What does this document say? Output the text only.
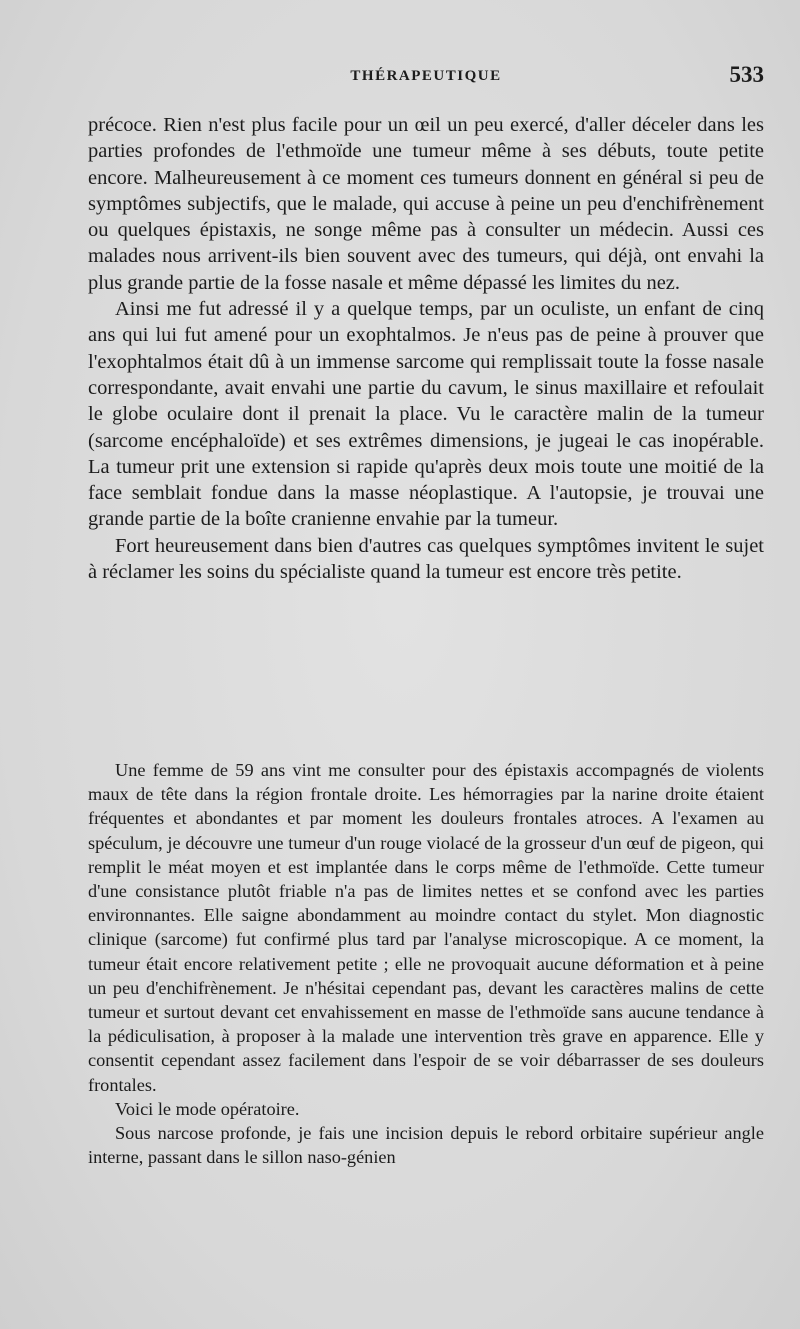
THÉRAPEUTIQUE	533

précoce. Rien n'est plus facile pour un œil un peu exercé, d'aller déceler dans les parties profondes de l'ethmoïde une tumeur même à ses débuts, toute petite encore. Malheureusement à ce moment ces tumeurs donnent en général si peu de symptômes subjectifs, que le malade, qui accuse à peine un peu d'enchifrènement ou quelques épistaxis, ne songe même pas à consulter un médecin. Aussi ces malades nous arrivent-ils bien souvent avec des tumeurs, qui déjà, ont envahi la plus grande partie de la fosse nasale et même dépassé les limites du nez.

Ainsi me fut adressé il y a quelque temps, par un oculiste, un enfant de cinq ans qui lui fut amené pour un exophtalmos. Je n'eus pas de peine à prouver que l'exophtalmos était dû à un immense sarcome qui remplissait toute la fosse nasale correspondante, avait envahi une partie du cavum, le sinus maxillaire et refoulait le globe oculaire dont il prenait la place. Vu le caractère malin de la tumeur (sarcome encéphaloïde) et ses extrêmes dimensions, je jugeai le cas inopérable. La tumeur prit une extension si rapide qu'après deux mois toute une moitié de la face semblait fondue dans la masse néoplastique. A l'autopsie, je trouvai une grande partie de la boîte cranienne envahie par la tumeur.

Fort heureusement dans bien d'autres cas quelques symptômes invitent le sujet à réclamer les soins du spécialiste quand la tumeur est encore très petite.

Une femme de 59 ans vint me consulter pour des épistaxis accompagnés de violents maux de tête dans la région frontale droite. Les hémorragies par la narine droite étaient fréquentes et abondantes et par moment les douleurs frontales atroces. A l'examen au spéculum, je découvre une tumeur d'un rouge violacé de la grosseur d'un œuf de pigeon, qui remplit le méat moyen et est implantée dans le corps même de l'ethmoïde. Cette tumeur d'une consistance plutôt friable n'a pas de limites nettes et se confond avec les parties environnantes. Elle saigne abondamment au moindre contact du stylet. Mon diagnostic clinique (sarcome) fut confirmé plus tard par l'analyse microscopique. A ce moment, la tumeur était encore relativement petite ; elle ne provoquait aucune déformation et à peine un peu d'enchifrènement. Je n'hésitai cependant pas, devant les caractères malins de cette tumeur et surtout devant cet envahissement en masse de l'ethmoïde sans aucune tendance à la pédiculisation, à proposer à la malade une intervention très grave en apparence. Elle y consentit cependant assez facilement dans l'espoir de se voir débarrasser de ses douleurs frontales.

Voici le mode opératoire.

Sous narcose profonde, je fais une incision depuis le rebord orbitaire supérieur angle interne, passant dans le sillon naso-génien
